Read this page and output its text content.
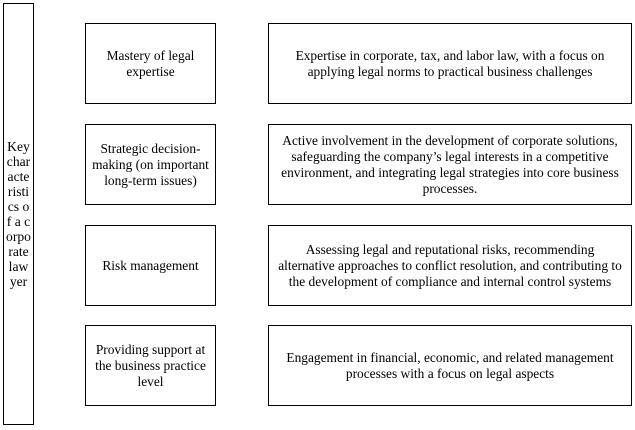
Key characteristics of a corporate lawyer
Mastery of legal expertise
Expertise in corporate, tax, and labor law, with a focus on applying legal norms to practical business challenges
Strategic decision-making (on important long-term issues)
Active involvement in the development of corporate solutions, safeguarding the company’s legal interests in a competitive environment, and integrating legal strategies into core business processes.
Risk management
Assessing legal and reputational risks, recommending alternative approaches to conflict resolution, and contributing to the development of compliance and internal control systems
Providing support at the business practice level
Engagement in financial, economic, and related management processes with a focus on legal aspects
